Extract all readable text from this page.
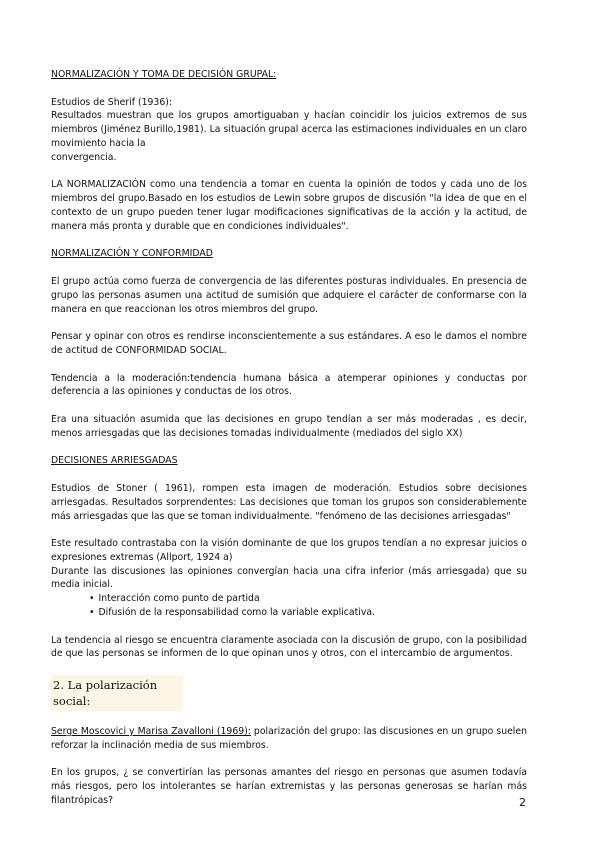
NORMALIZACIÓN Y TOMA DE DECISIÓN GRUPAL:

Estudios de Sherif (1936):

Resultados muestran que los grupos amortiguaban y hacían coincidir los juicios extremos de sus miembros (Jiménez Burillo,1981). La situación grupal acerca las estimaciones individuales en un claro movimiento hacia la

convergencia.

LA NORMALIZACIÓN como una tendencia a tomar en cuenta la opinión de todos y cada uno de los miembros del grupo.Basado en los estudios de Lewin sobre grupos de discusión "la idea de que en el contexto de un grupo pueden tener lugar modificaciones significativas de la acción y la actitud, de manera más pronta y durable que en condiciones individuales".

NORMALIZACIÓN Y CONFORMIDAD

El grupo actúa como fuerza de convergencia de las diferentes posturas individuales. En presencia de grupo las personas asumen una actitud de sumisión que adquiere el carácter de conformarse con la manera en que reaccionan los otros miembros del grupo.

Pensar y opinar con otros es rendirse inconscientemente a sus estándares. A eso le damos el nombre de actitud de CONFORMIDAD SOCIAL.

Tendencia a la moderación:tendencia humana básica a atemperar opiniones y conductas por deferencia a las opiniones y conductas de los otros.

Era una situación asumida que las decisiones en grupo tendían a ser más moderadas , es decir, menos arriesgadas que las decisiones tomadas individualmente (mediados del siglo XX)

DECISIONES ARRIESGADAS

Estudios de Stoner ( 1961), rompen esta imagen de moderación. Estudios sobre decisiones arriesgadas. Resultados sorprendentes: Las decisiones que toman los grupos son considerablemente más arriesgadas que las que se toman individualmente. "fenómeno de las decisiones arriesgadas"

Este resultado contrastaba con la visión dominante de que los grupos tendían a no expresar juicios o expresiones extremas (Allport, 1924 a)

Durante las discusiones las opiniones convergían hacia una cifra inferior (más arriesgada) que su media inicial.

• Interacción como punto de partida
• Difusión de la responsabilidad como la variable explicativa.

La tendencia al riesgo se encuentra claramente asociada con la discusión de grupo, con la posibilidad de que las personas se informen de lo que opinan unos y otros, con el intercambio de argumentos.

2. La polarización social:

Serge Moscovici y Marisa Zavalloni (1969): polarización del grupo: las discusiones en un grupo suelen reforzar la inclinación media de sus miembros.

En los grupos, ¿ se convertirían las personas amantes del riesgo en personas que asumen todavía más riesgos, pero los intolerantes se harían extremistas y las personas generosas se harían más filantrópicas?	2
